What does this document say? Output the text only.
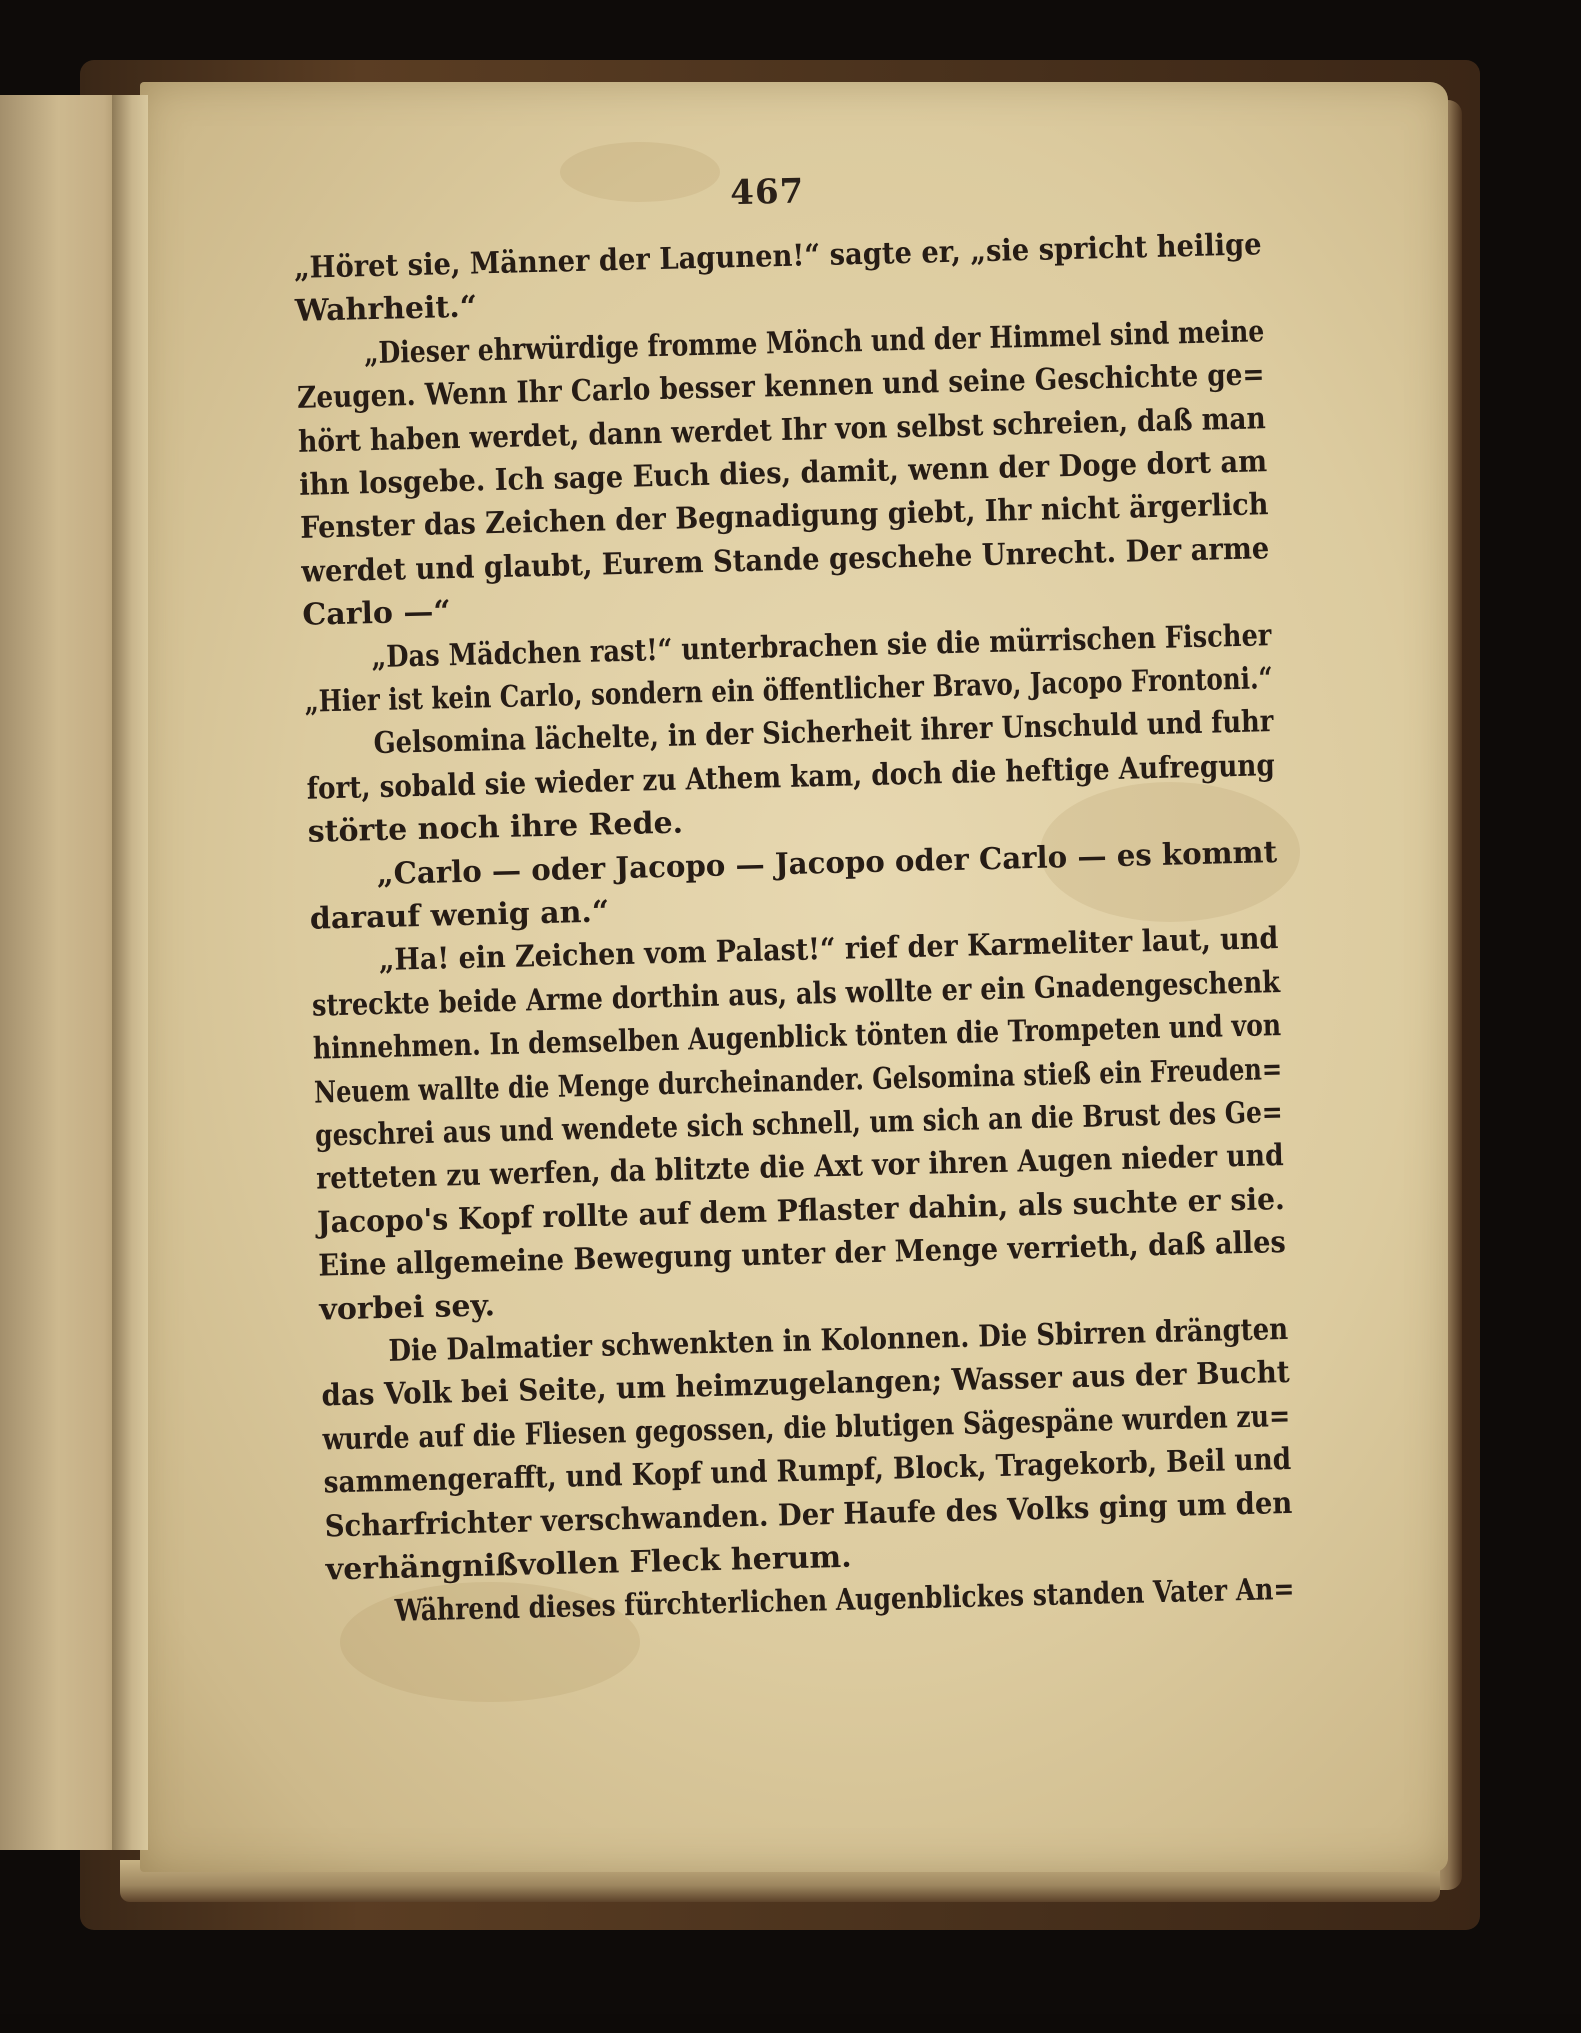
467
„Höret sie, Männer der Lagunen!“ sagte er, „sie spricht heilige
Wahrheit.“
„Dieser ehrwürdige fromme Mönch und der Himmel sind meine
Zeugen. Wenn Ihr Carlo besser kennen und seine Geschichte ge=
hört haben werdet, dann werdet Ihr von selbst schreien, daß man
ihn losgebe. Ich sage Euch dies, damit, wenn der Doge dort am
Fenster das Zeichen der Begnadigung giebt, Ihr nicht ärgerlich
werdet und glaubt, Eurem Stande geschehe Unrecht. Der arme
Carlo —“
„Das Mädchen rast!“ unterbrachen sie die mürrischen Fischer
„Hier ist kein Carlo, sondern ein öffentlicher Bravo, Jacopo Frontoni.“
Gelsomina lächelte, in der Sicherheit ihrer Unschuld und fuhr
fort, sobald sie wieder zu Athem kam, doch die heftige Aufregung
störte noch ihre Rede.
„Carlo — oder Jacopo — Jacopo oder Carlo — es kommt
darauf wenig an.“
„Ha! ein Zeichen vom Palast!“ rief der Karmeliter laut, und
streckte beide Arme dorthin aus, als wollte er ein Gnadengeschenk
hinnehmen. In demselben Augenblick tönten die Trompeten und von
Neuem wallte die Menge durcheinander. Gelsomina stieß ein Freuden=
geschrei aus und wendete sich schnell, um sich an die Brust des Ge=
retteten zu werfen, da blitzte die Axt vor ihren Augen nieder und
Jacopo's Kopf rollte auf dem Pflaster dahin, als suchte er sie.
Eine allgemeine Bewegung unter der Menge verrieth, daß alles
vorbei sey.
Die Dalmatier schwenkten in Kolonnen. Die Sbirren drängten
das Volk bei Seite, um heimzugelangen; Wasser aus der Bucht
wurde auf die Fliesen gegossen, die blutigen Sägespäne wurden zu=
sammengerafft, und Kopf und Rumpf, Block, Tragekorb, Beil und
Scharfrichter verschwanden. Der Haufe des Volks ging um den
verhängnißvollen Fleck herum.
Während dieses fürchterlichen Augenblickes standen Vater An=
